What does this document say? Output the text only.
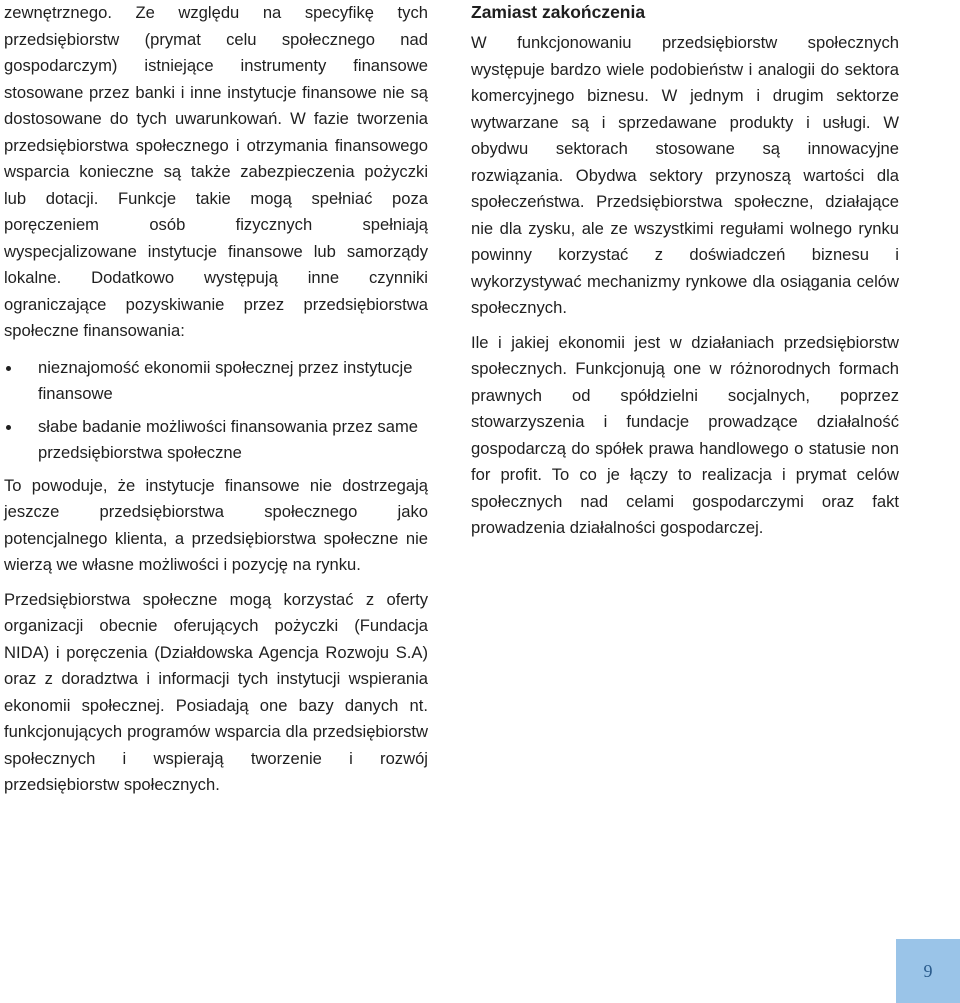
zewnętrznego. Ze względu na specyfikę tych przedsiębiorstw (prymat celu społecznego nad gospodarczym) istniejące instrumenty finansowe stosowane przez banki i inne instytucje finansowe nie są dostosowane do tych uwarunkowań. W fazie tworzenia przedsiębiorstwa społecznego i otrzymania finansowego wsparcia konieczne są także zabezpieczenia pożyczki lub dotacji. Funkcje takie mogą spełniać poza poręczeniem osób fizycznych spełniają wyspecjalizowane instytucje finansowe lub samorządy lokalne. Dodatkowo występują inne czynniki ograniczające pozyskiwanie przez przedsiębiorstwa społeczne finansowania:

nieznajomość ekonomii społecznej przez instytucje finansowe
słabe badanie możliwości finansowania przez same przedsiębiorstwa społeczne

To powoduje, że instytucje finansowe nie dostrzegają jeszcze przedsiębiorstwa społecznego jako potencjalnego klienta, a przedsiębiorstwa społeczne nie wierzą we własne możliwości i pozycję na rynku.

Przedsiębiorstwa społeczne mogą korzystać z oferty organizacji obecnie oferujących pożyczki (Fundacja NIDA) i poręczenia (Działdowska Agencja Rozwoju S.A) oraz z doradztwa i informacji tych instytucji wspierania ekonomii społecznej. Posiadają one bazy danych nt. funkcjonujących programów wsparcia dla przedsiębiorstw społecznych i wspierają tworzenie i rozwój przedsiębiorstw społecznych.

Zamiast zakończenia

W funkcjonowaniu przedsiębiorstw społecznych występuje bardzo wiele podobieństw i analogii do sektora komercyjnego biznesu. W jednym i drugim sektorze wytwarzane są i sprzedawane produkty i usługi. W obydwu sektorach stosowane są innowacyjne rozwiązania. Obydwa sektory przynoszą wartości dla społeczeństwa. Przedsiębiorstwa społeczne, działające nie dla zysku, ale ze wszystkimi regułami wolnego rynku powinny korzystać z doświadczeń biznesu i wykorzystywać mechanizmy rynkowe dla osiągania celów społecznych.

Ile i jakiej ekonomii jest w działaniach przedsiębiorstw społecznych. Funkcjonują one w różnorodnych formach prawnych od spółdzielni socjalnych, poprzez stowarzyszenia i fundacje prowadzące działalność gospodarczą do spółek prawa handlowego o statusie non for profit. To co je łączy to realizacja i prymat celów społecznych nad celami gospodarczymi oraz fakt prowadzenia działalności gospodarczej.

9
